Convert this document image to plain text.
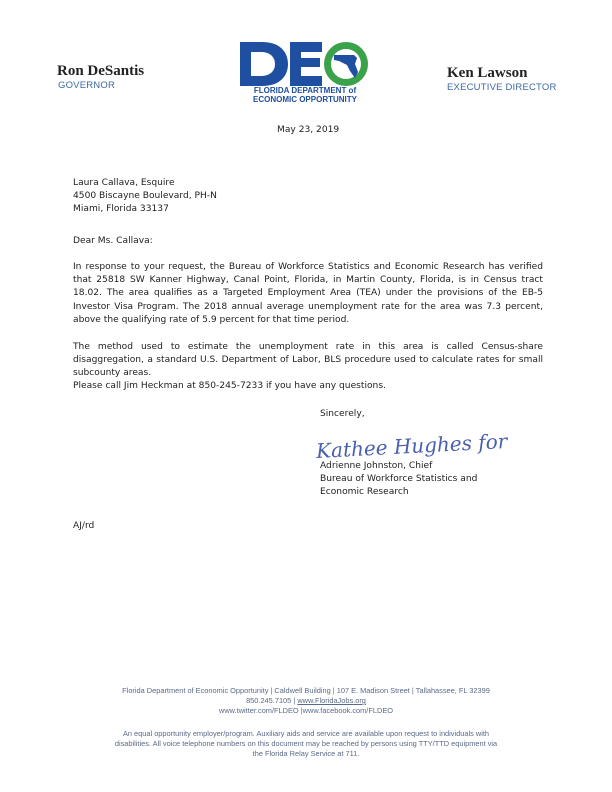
Ron DeSantis
GOVERNOR	FLORIDA DEPARTMENT of
ECONOMIC OPPORTUNITY
Ken Lawson
EXECUTIVE DIRECTOR
May 23, 2019
Laura Callava, Esquire
4500 Biscayne Boulevard, PH-N
Miami, Florida 33137
Dear Ms. Callava:
In response to your request, the Bureau of Workforce Statistics and Economic Research has verified that 25818 SW Kanner Highway, Canal Point, Florida, in Martin County, Florida, is in Census tract 18.02. The area qualifies as a Targeted Employment Area (TEA) under the provisions of the EB-5 Investor Visa Program. The 2018 annual average unemployment rate for the area was 7.3 percent, above the qualifying rate of 5.9 percent for that time period.
The method used to estimate the unemployment rate in this area is called Census-share disaggregation, a standard U.S. Department of Labor, BLS procedure used to calculate rates for small subcounty areas.
Please call Jim Heckman at 850-245-7233 if you have any questions.
Sincerely,
Kathee Hughes for
Adrienne Johnston, Chief
Bureau of Workforce Statistics and
Economic Research
AJ/rd
Florida Department of Economic Opportunity | Caldwell Building | 107 E. Madison Street | Tallahassee, FL 32399
850.245.7105 | www.FloridaJobs.org
www.twitter.com/FLDEO |www.facebook.com/FLDEO
An equal opportunity employer/program. Auxiliary aids and service are available upon request to individuals with
disabilities. All voice telephone numbers on this document may be reached by persons using TTY/TTD equipment via
the Florida Relay Service at 711.
